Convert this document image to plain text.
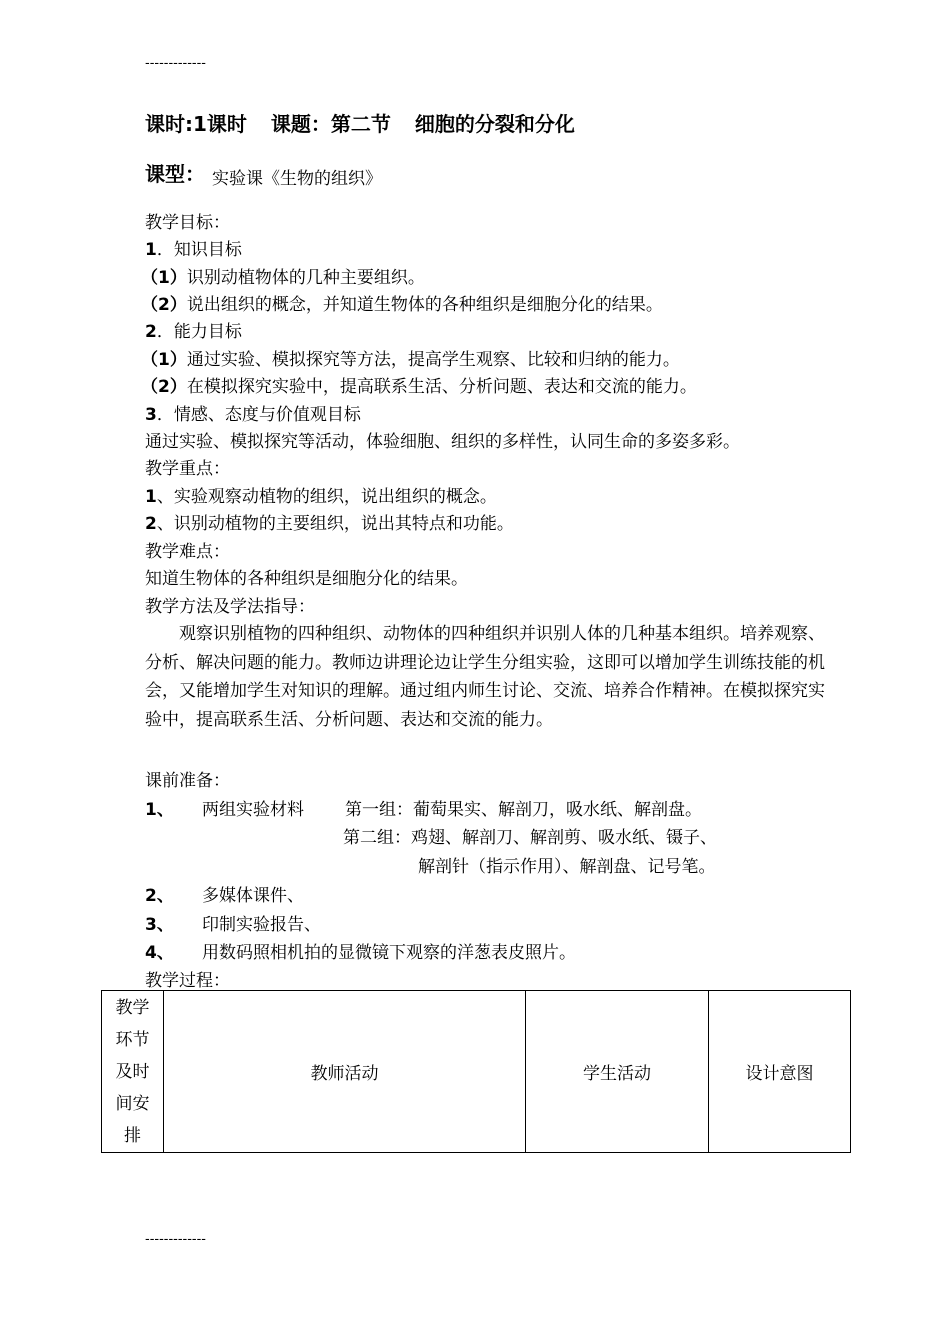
-------------
课时:1课时 课题：第二节 细胞的分裂和分化
课型： 实验课《生物的组织》
教学目标：
1．知识目标
（1）识别动植物体的几种主要组织。
（2）说出组织的概念，并知道生物体的各种组织是细胞分化的结果。
2．能力目标
（1）通过实验、模拟探究等方法，提高学生观察、比较和归纳的能力。
（2）在模拟探究实验中，提高联系生活、分析问题、表达和交流的能力。
3．情感、态度与价值观目标
通过实验、模拟探究等活动，体验细胞、组织的多样性，认同生命的多姿多彩。
教学重点：
1、实验观察动植物的组织，说出组织的概念。
2、识别动植物的主要组织，说出其特点和功能。
教学难点：
知道生物体的各种组织是细胞分化的结果。
教学方法及学法指导：

观察识别植物的四种组织、动物体的四种组织并识别人体的几种基本组织。培养观察、分析、解决问题的能力。教师边讲理论边让学生分组实验，这即可以增加学生训练技能的机会，又能增加学生对知识的理解。通过组内师生讨论、交流、培养合作精神。在模拟探究实验中，提高联系生活、分析问题、表达和交流的能力。

课前准备：
1、 两组实验材料 第一组：葡萄果实、解剖刀，吸水纸、解剖盘。
第二组：鸡翅、解剖刀、解剖剪、吸水纸、镊子、
解剖针（指示作用）、解剖盘、记号笔。
2、 多媒体课件、
3、 印制实验报告、
4、 用数码照相机拍的显微镜下观察的洋葱表皮照片。
教学过程：
教学
环节
及时
间安
排
	教师活动	学生活动	设计意图
-------------
